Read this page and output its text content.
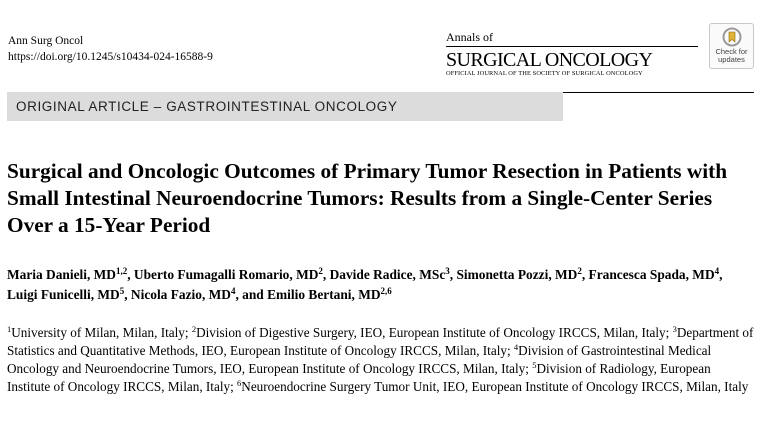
Ann Surg Oncol
https://doi.org/10.1245/s10434-024-16588-9
Annals of
SURGICAL ONCOLOGY
OFFICIAL JOURNAL OF THE SOCIETY OF SURGICAL ONCOLOGY
Check for
updates
ORIGINAL ARTICLE – GASTROINTESTINAL ONCOLOGY
Surgical and Oncologic Outcomes of Primary Tumor Resection in Patients with Small Intestinal Neuroendocrine Tumors: Results from a Single-Center Series Over a 15-Year Period
Maria Danieli, MD$^{1,2}$, Uberto Fumagalli Romario, $MD^2$, Davide Radice, MSc$^3$, Simonetta Pozzi, $MD^2$, Francesca Spada, $MD^4$, Luigi Funicelli, $MD^5$, Nicola Fazio, $MD^4$, and Emilio Bertani, MD$^{2,6}$
$^1$University of Milan, Milan, Italy; $^2$Division of Digestive Surgery, IEO, European Institute of Oncology IRCCS, Milan, Italy; $^3$Department of Statistics and Quantitative Methods, IEO, European Institute of Oncology IRCCS, Milan, Italy; $^4$Division of Gastrointestinal Medical Oncology and Neuroendocrine Tumors, IEO, European Institute of Oncology IRCCS, Milan, Italy; $^5$Division of Radiology, European Institute of Oncology IRCCS, Milan, Italy; $^6$Neuroendocrine Surgery Tumor Unit, IEO, European Institute of Oncology IRCCS, Milan, Italy
